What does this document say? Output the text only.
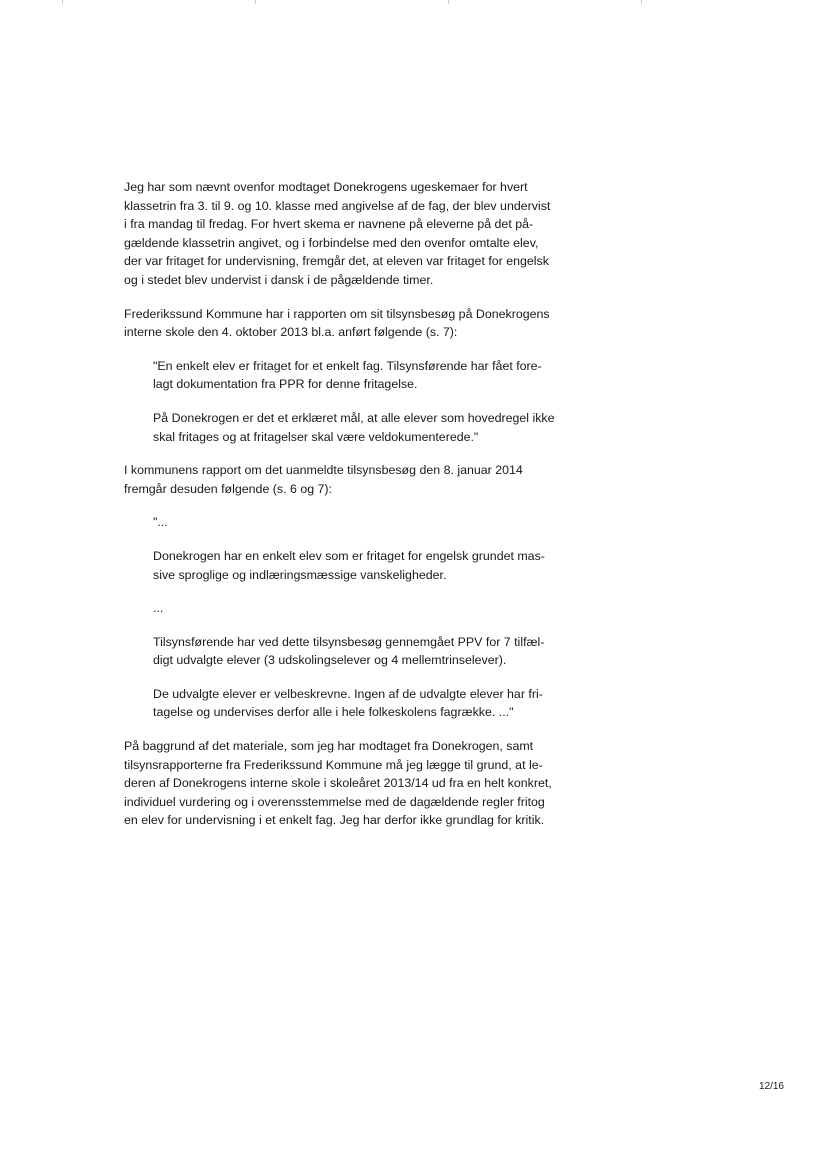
Jeg har som nævnt ovenfor modtaget Donekrogens ugeskemaer for hvert
klassetrin fra 3. til 9. og 10. klasse med angivelse af de fag, der blev undervist
i fra mandag til fredag. For hvert skema er navnene på eleverne på det på-
gældende klassetrin angivet, og i forbindelse med den ovenfor omtalte elev,
der var fritaget for undervisning, fremgår det, at eleven var fritaget for engelsk
og i stedet blev undervist i dansk i de pågældende timer.

Frederikssund Kommune har i rapporten om sit tilsynsbesøg på Donekrogens
interne skole den 4. oktober 2013 bl.a. anført følgende (s. 7):

"En enkelt elev er fritaget for et enkelt fag. Tilsynsførende har fået fore-
lagt dokumentation fra PPR for denne fritagelse.

På Donekrogen er det et erklæret mål, at alle elever som hovedregel ikke
skal fritages og at fritagelser skal være veldokumenterede."

I kommunens rapport om det uanmeldte tilsynsbesøg den 8. januar 2014
fremgår desuden følgende (s. 6 og 7):

"...

Donekrogen har en enkelt elev som er fritaget for engelsk grundet mas-
sive sproglige og indlæringsmæssige vanskeligheder.

...

Tilsynsførende har ved dette tilsynsbesøg gennemgået PPV for 7 tilfæl-
digt udvalgte elever (3 udskolingselever og 4 mellemtrinselever).

De udvalgte elever er velbeskrevne. Ingen af de udvalgte elever har fri-
tagelse og undervises derfor alle i hele folkeskolens fagrække. ..."

På baggrund af det materiale, som jeg har modtaget fra Donekrogen, samt
tilsynsrapporterne fra Frederikssund Kommune må jeg lægge til grund, at le-
deren af Donekrogens interne skole i skoleåret 2013/14 ud fra en helt konkret,
individuel vurdering og i overensstemmelse med de dagældende regler fritog
en elev for undervisning i et enkelt fag. Jeg har derfor ikke grundlag for kritik.

12/16
